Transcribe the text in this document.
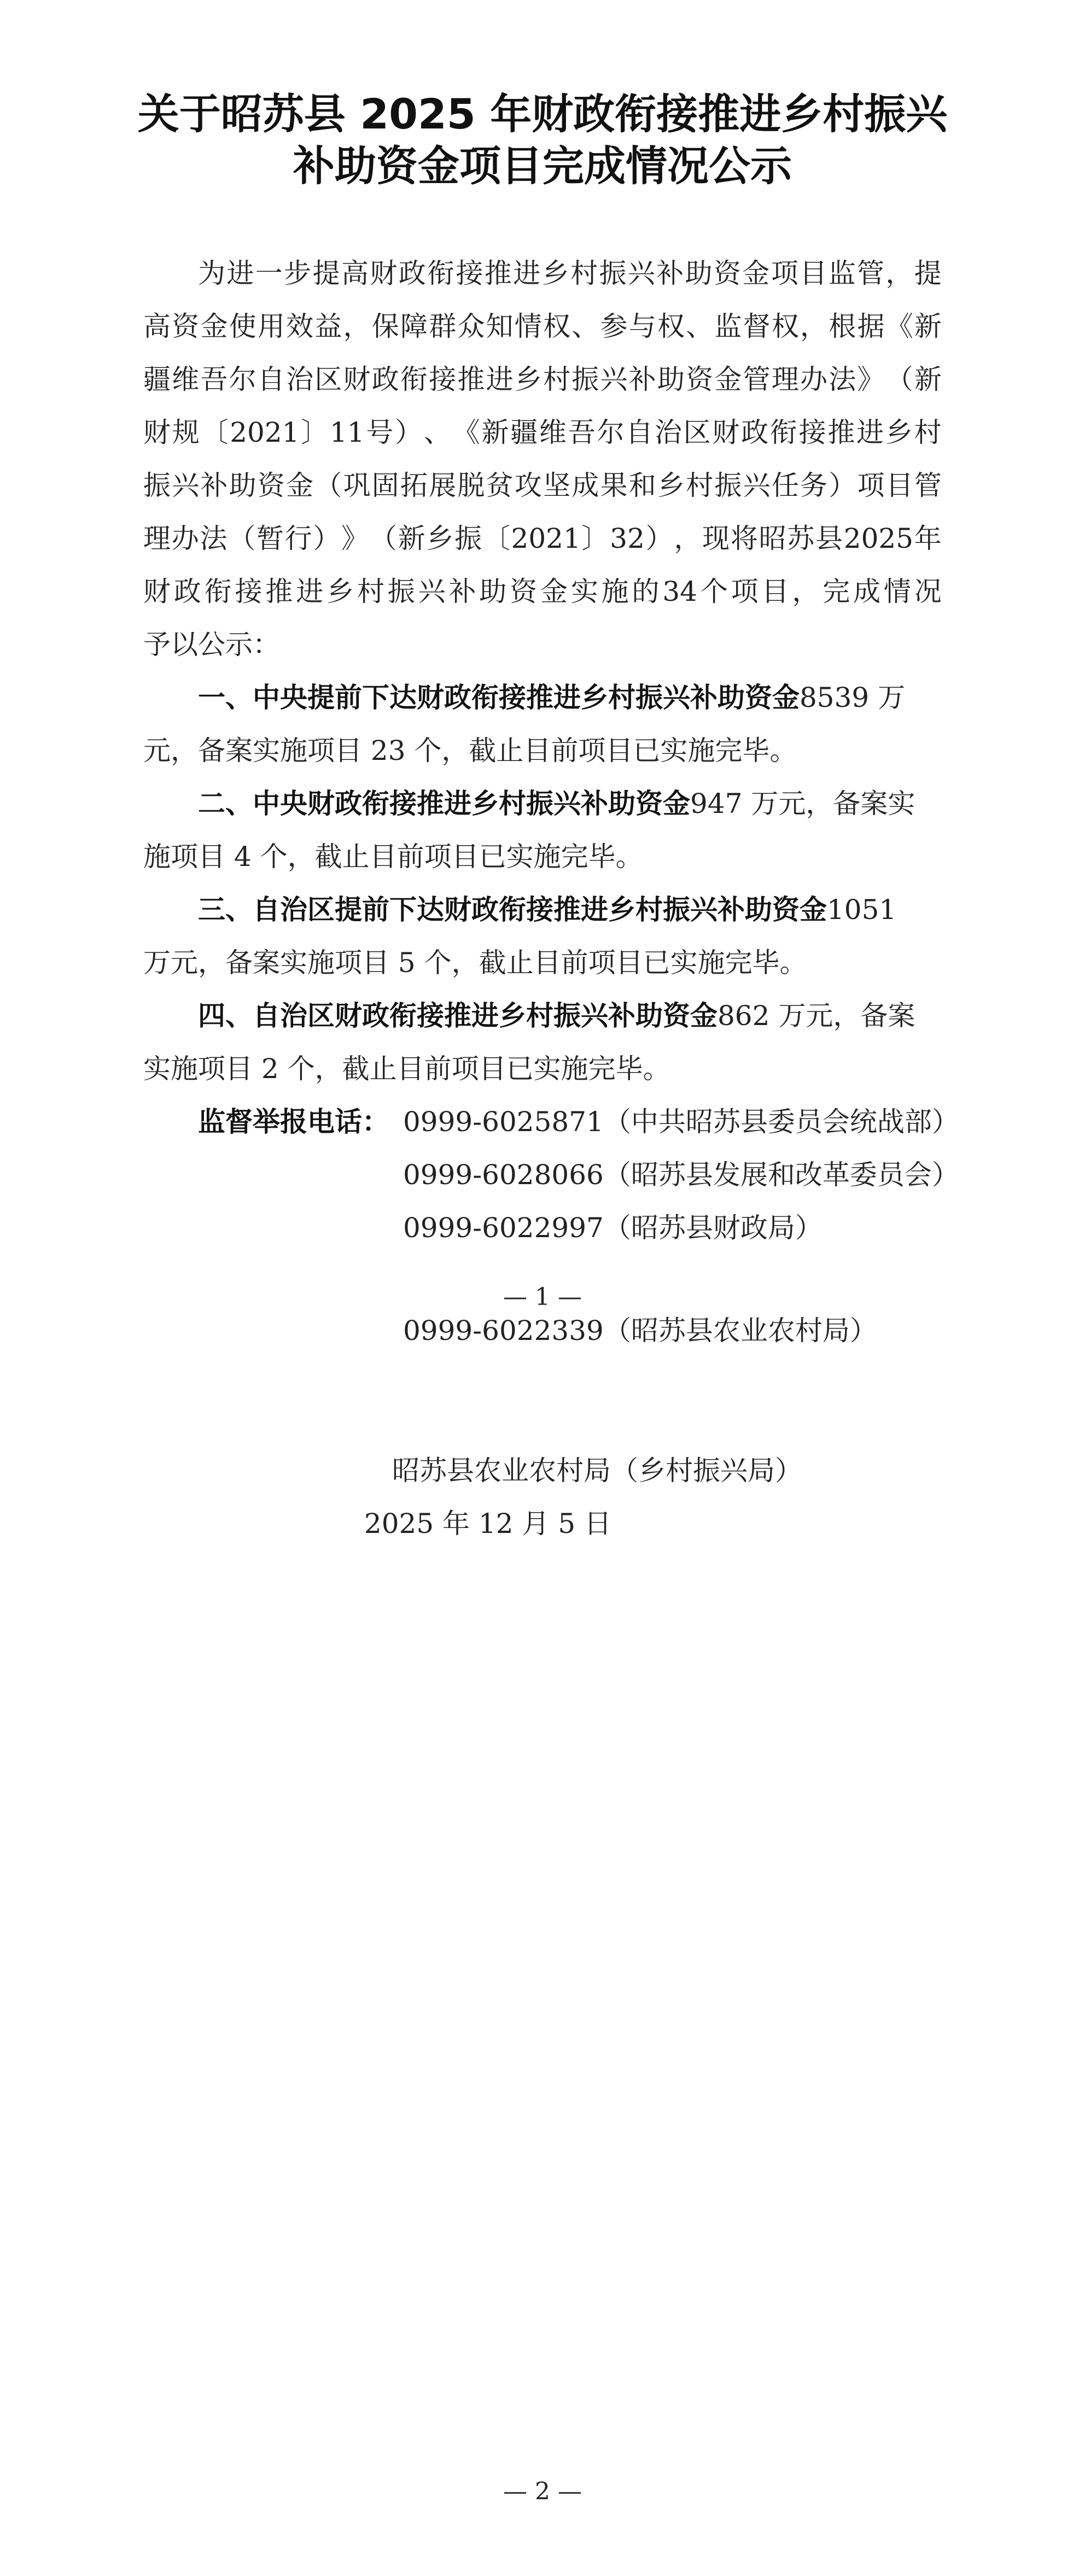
关于昭苏县 2025 年财政衔接推进乡村振兴
补助资金项目完成情况公示
为 进 一 步 提 高 财 政 衔 接 推 进 乡 村 振 兴 补 助 资 金 项 目 监 管 ， 提
高 资 金 使 用 效 益 ， 保 障 群 众 知 情 权 、 参 与 权 、 监 督 权 ， 根 据 《 新
疆 维 吾 尔 自 治 区 财 政 衔 接 推 进 乡 村 振 兴 补 助 资 金 管 理 办 法 》 （ 新
财 规 〔 2021 〕 11 号 ） 、 《 新 疆 维 吾 尔 自 治 区 财 政 衔 接 推 进 乡 村
振 兴 补 助 资 金 （ 巩 固 拓 展 脱 贫 攻 坚 成 果 和 乡 村 振 兴 任 务 ） 项 目 管
理 办 法 （ 暂 行 ） 》 （ 新 乡 振 〔 2021 〕 32 ） ， 现 将 昭 苏 县 2025 年
财 政 衔 接 推 进 乡 村 振 兴 补 助 资 金 实 施 的 34 个 项 目 ， 完 成 情 况
予以公示：
一、中央提前下达财政衔接推进乡村振兴补助资金 8539 万
元，备案实施项目 23 个，截止目前项目已实施完毕。
二、中央财政衔接推进乡村振兴补助资金 947 万元，备案实
施项目 4 个，截止目前项目已实施完毕。
三、自治区提前下达财政衔接推进乡村振兴补助资金 1051
万元，备案实施项目 5 个，截止目前项目已实施完毕。
四、自治区财政衔接推进乡村振兴补助资金 862 万元，备案
实施项目 2 个，截止目前项目已实施完毕。
监督举报电话： 0999-6025871（中共昭苏县委员会统战部）
0999-6028066（昭苏县发展和改革委员会）
0999-6022997（昭苏县财政局）
— 1 —
0999-6022339（昭苏县农业农村局）
昭苏县农业农村局（乡村振兴局）
2025 年 12 月 5 日
— 2 —
